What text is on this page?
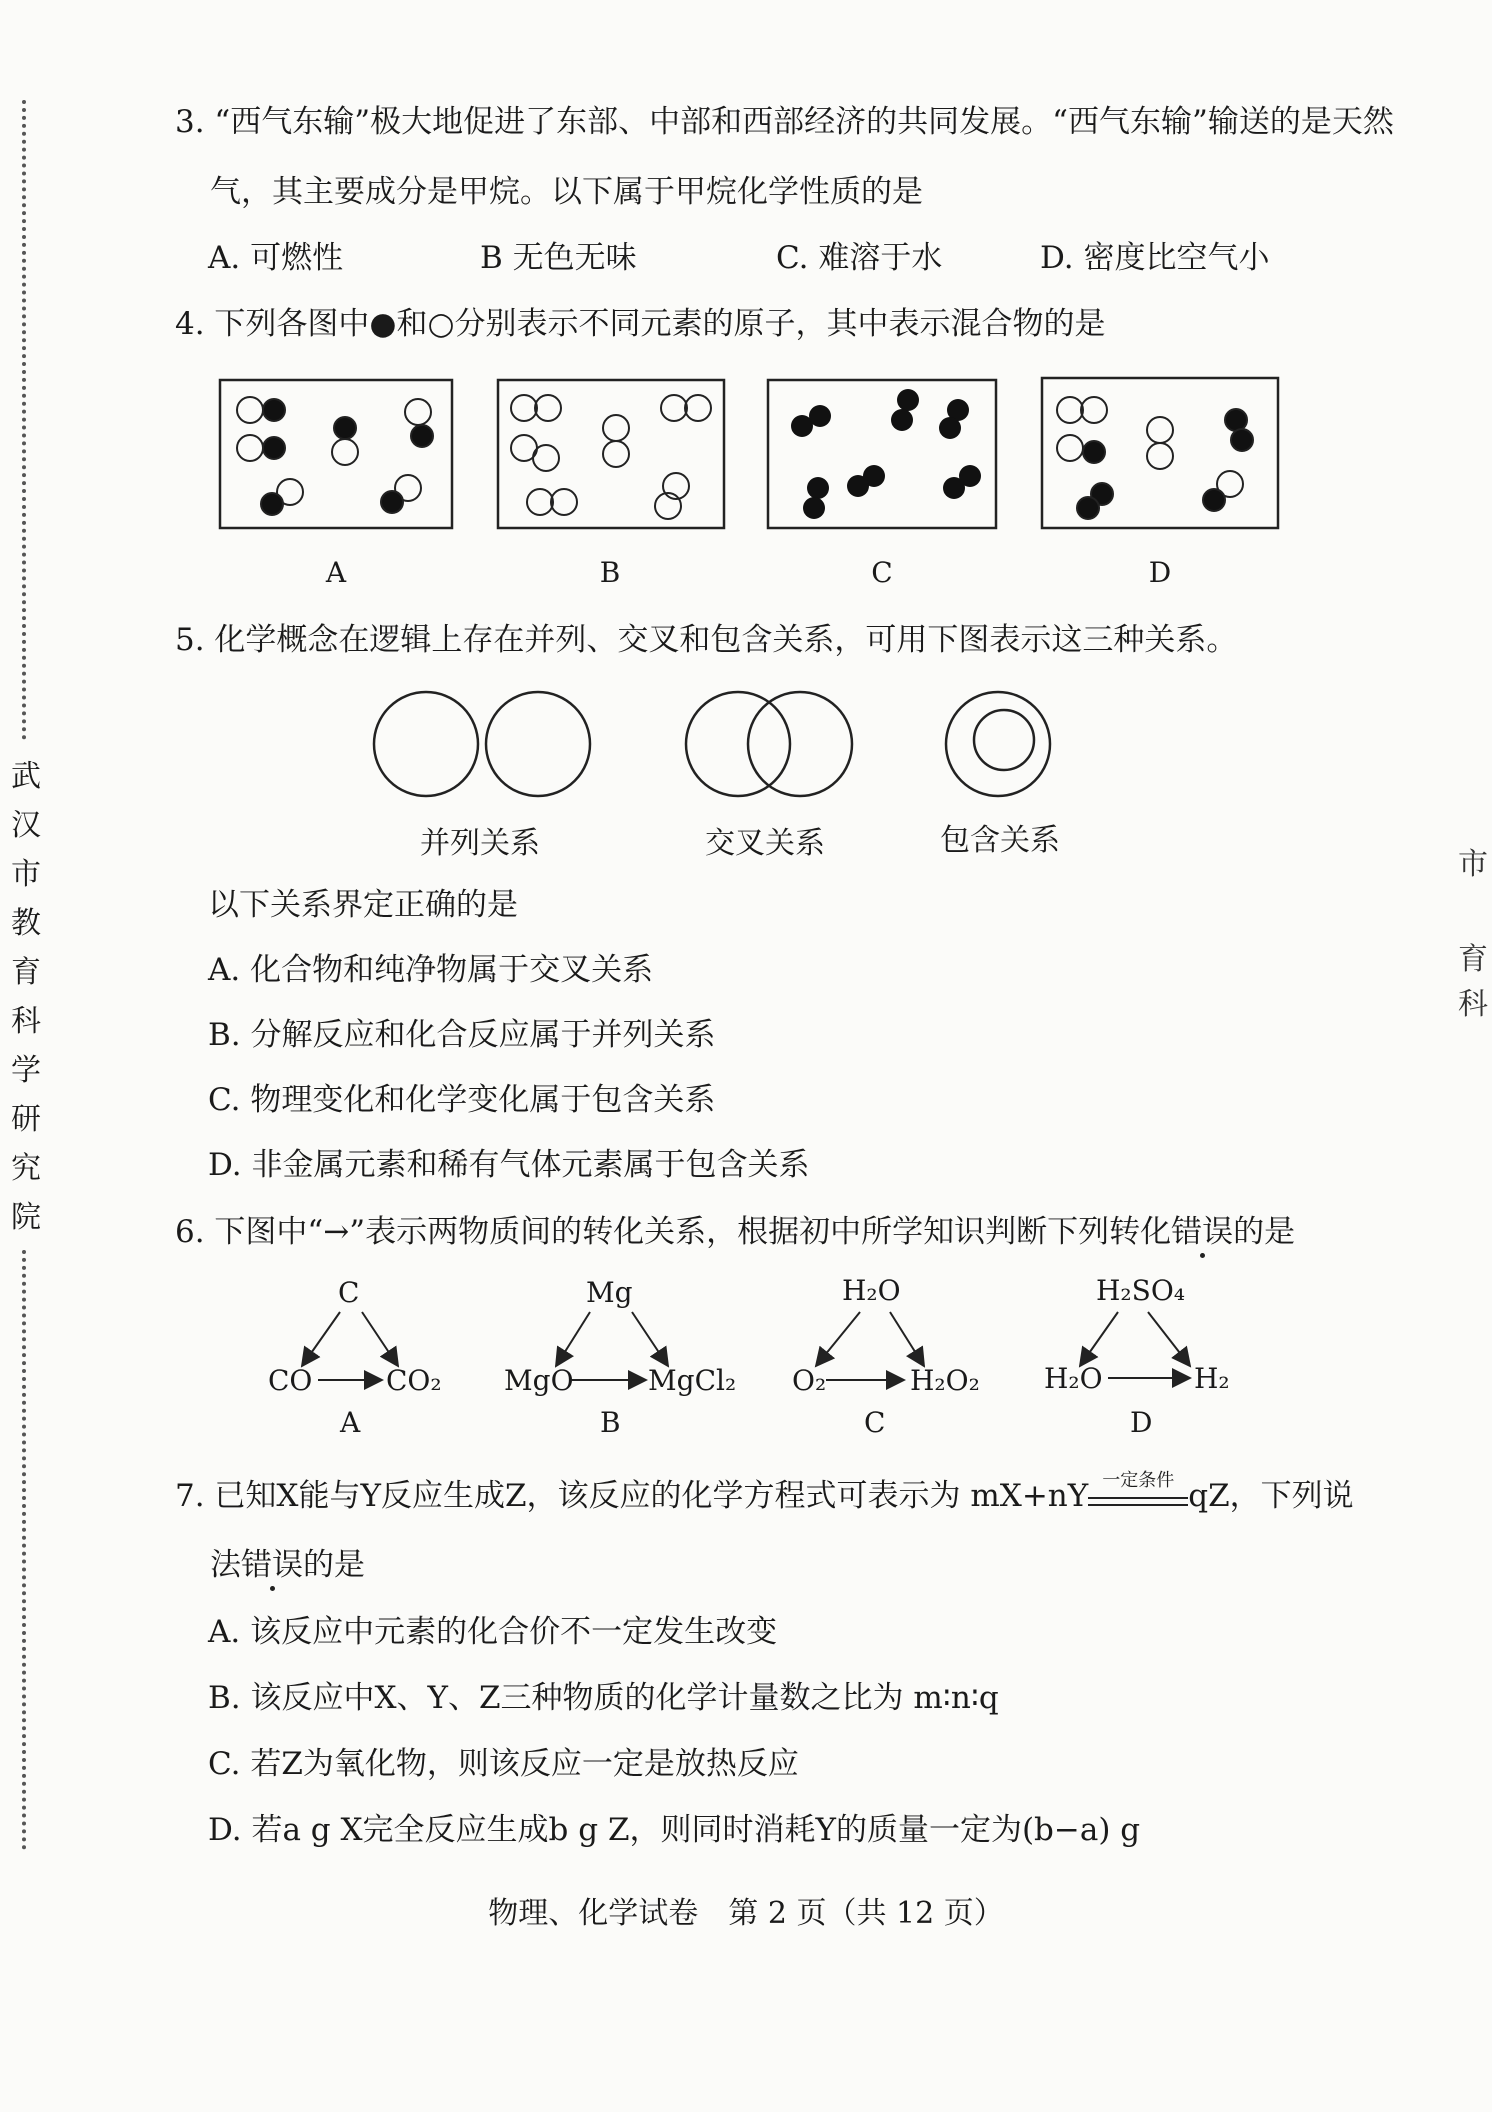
武
汉
市
教
育
科
学
研
究
院
市
育
科
3. “西气东输”极大地促进了东部、中部和西部经济的共同发展。“西气东输”输送的是天然
气，其主要成分是甲烷。以下属于甲烷化学性质的是
A. 可燃性	B 无色无味	C. 难溶于水	D. 密度比空气小
4. 下列各图中●和○分别表示不同元素的原子，其中表示混合物的是
A	B	C	D
5. 化学概念在逻辑上存在并列、交叉和包含关系，可用下图表示这三种关系。
并列关系	交叉关系	包含关系
以下关系界定正确的是
A. 化合物和纯净物属于交叉关系
B. 分解反应和化合反应属于并列关系
C. 物理变化和化学变化属于包含关系
D. 非金属元素和稀有气体元素属于包含关系
6. 下图中“→”表示两物质间的转化关系，根据初中所学知识判断下列转化错误的是
C
CO	CO₂
A
Mg
MgO	MgCl₂
B
H₂O
O₂	H₂O₂
C
H₂SO₄
H₂O	H₂
D
7. 已知X能与Y反应生成Z，该反应的化学方程式可表示为 mX+nY 一定条件 qZ，下列说
法错误的是
A. 该反应中元素的化合价不一定发生改变
B. 该反应中X、Y、Z三种物质的化学计量数之比为 m∶n∶q
C. 若Z为氧化物，则该反应一定是放热反应
D. 若a g X完全反应生成b g Z，则同时消耗Y的质量一定为(b−a) g
物理、化学试卷　第 2 页（共 12 页）
